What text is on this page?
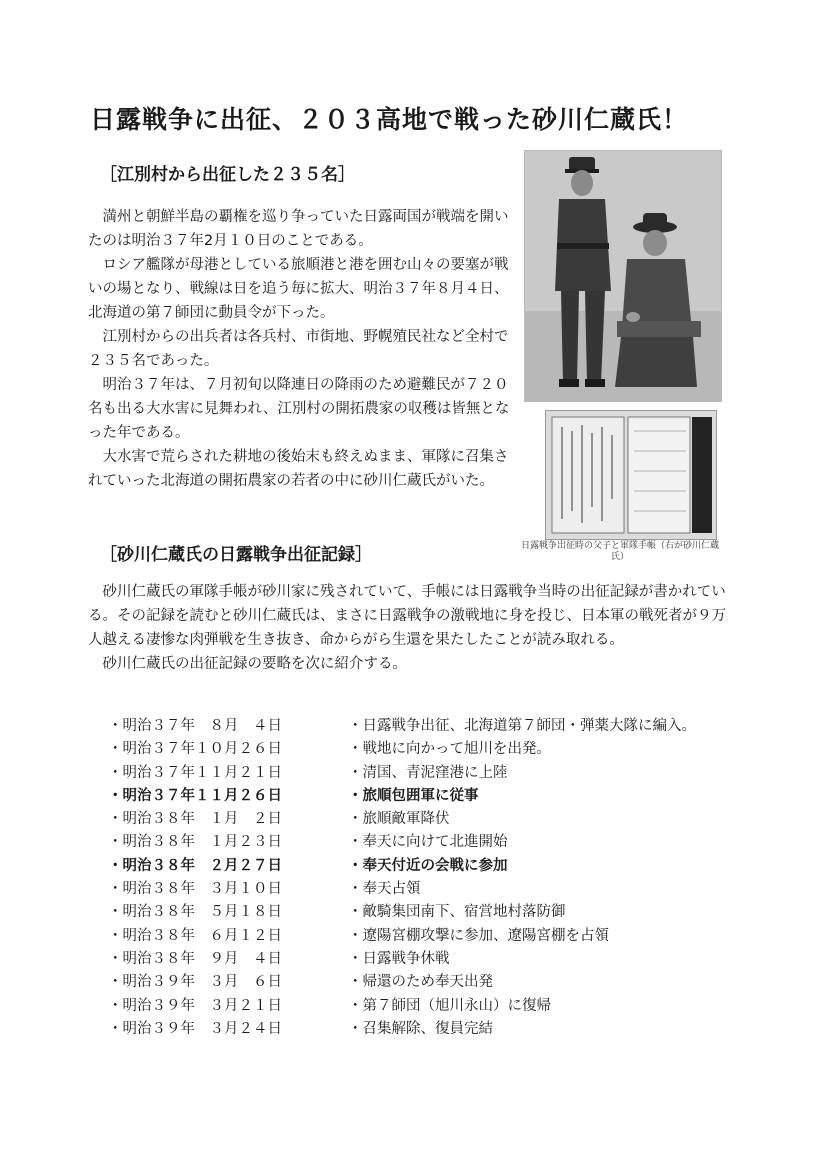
日露戦争に出征、２０３高地で戦った砂川仁蔵氏！
［江別村から出征した２３５名］

満州と朝鮮半島の覇権を巡り争っていた日露両国が戦端を開いたのは明治３７年2月１０日のことである。

ロシア艦隊が母港としている旅順港と港を囲む山々の要塞が戦いの場となり、戦線は日を追う毎に拡大、明治３７年８月４日、北海道の第７師団に動員令が下った。

江別村からの出兵者は各兵村、市街地、野幌殖民社など全村で２３５名であった。

明治３７年は、７月初旬以降連日の降雨のため避難民が７２０名も出る大水害に見舞われ、江別村の開拓農家の収穫は皆無となった年である。

大水害で荒らされた耕地の後始末も終えぬまま、軍隊に召集されていった北海道の開拓農家の若者の中に砂川仁蔵氏がいた。

日露戦争出征時の父子と軍隊手帳（右が砂川仁蔵氏）
［砂川仁蔵氏の日露戦争出征記録］

砂川仁蔵氏の軍隊手帳が砂川家に残されていて、手帳には日露戦争当時の出征記録が書かれている。その記録を読むと砂川仁蔵氏は、まさに日露戦争の激戦地に身を投じ、日本軍の戦死者が９万人越える凄惨な肉弾戦を生き抜き、命からがら生還を果たしたことが読み取れる。

砂川仁蔵氏の出征記録の要略を次に紹介する。

・明治３７年　８月　４日	・日露戦争出征、北海道第７師団・弾薬大隊に編入。
・明治３７年１０月２６日	・戦地に向かって旭川を出発。
・明治３７年１１月２１日	・清国、青泥窪港に上陸
・明治３７年１１月２６日	・旅順包囲軍に従事
・明治３８年　１月　２日	・旅順敵軍降伏
・明治３８年　１月２３日	・奉天に向けて北進開始
・明治３８年　２月２７日	・奉天付近の会戦に参加
・明治３８年　３月１０日	・奉天占領
・明治３８年　５月１８日	・敵騎集団南下、宿営地村落防御
・明治３８年　６月１２日	・遼陽宮棚攻撃に参加、遼陽宮棚を占領
・明治３８年　９月　４日	・日露戦争休戦
・明治３９年　３月　６日	・帰還のため奉天出発
・明治３９年　３月２１日	・第７師団（旭川永山）に復帰
・明治３９年　３月２４日	・召集解除、復員完結
